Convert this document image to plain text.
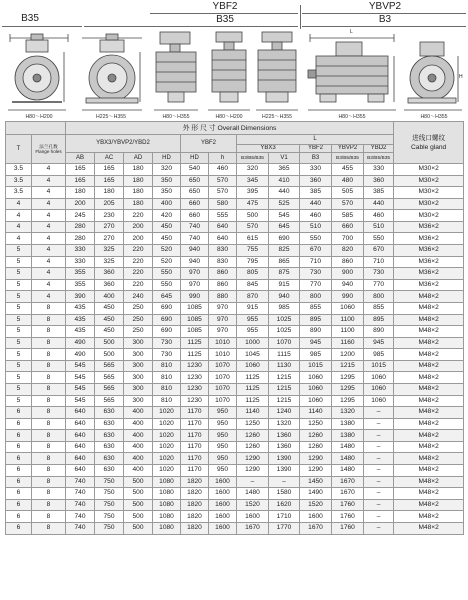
B35
YBF2
B35
YBVP2
B3
H80～H200	H225～H355	H80～H355	H80～H200	H225～H355
L
H80～H355
H
H80～H355
		外 形 尺 寸 Overall Dimensions											进线口螺纹
Cable gland
T	法兰孔数
Flange holes	YBX3/YBVP2/YBD2				YBF2		L					
								YBX3		YBF2	YBVP2	YBD2	
		AB	AC	AD	HD	HD	h	B3/B5/B35	V1	B3	B3/B5/B35	B3/B5/B35	
3.5	4	165	165	180	320	540	460	320	365	330	455	330	M30×2
3.5	4	165	165	180	350	650	570	345	410	360	480	360	M30×2
3.5	4	180	180	180	350	650	570	395	440	385	505	385	M30×2
4	4	200	205	180	400	660	580	475	525	440	570	440	M30×2
4	4	245	230	220	420	660	555	500	545	460	585	460	M30×2
4	4	280	270	200	450	740	640	570	645	510	660	510	M36×2
4	4	280	270	200	450	740	640	615	690	550	700	550	M36×2
5	4	330	325	220	520	940	830	755	825	670	820	670	M36×2
5	4	330	325	220	520	940	830	795	865	710	860	710	M36×2
5	4	355	360	220	550	970	860	805	875	730	900	730	M36×2
5	4	355	360	220	550	970	860	845	915	770	940	770	M36×2
5	4	390	400	240	645	990	880	870	940	800	990	800	M48×2
5	8	435	450	250	690	1085	970	915	985	855	1060	855	M48×2
5	8	435	450	250	690	1085	970	955	1025	895	1100	895	M48×2
5	8	435	450	250	690	1085	970	955	1025	890	1100	890	M48×2
5	8	490	500	300	730	1125	1010	1000	1070	945	1160	945	M48×2
5	8	490	500	300	730	1125	1010	1045	1115	985	1200	985	M48×2
5	8	545	565	300	810	1230	1070	1060	1130	1015	1215	1015	M48×2
5	8	545	565	300	810	1230	1070	1125	1215	1060	1295	1060	M48×2
5	8	545	565	300	810	1230	1070	1125	1215	1060	1295	1060	M48×2
5	8	545	565	300	810	1230	1070	1125	1215	1060	1295	1060	M48×2
6	8	640	630	400	1020	1170	950	1140	1240	1140	1320	–	M48×2
6	8	640	630	400	1020	1170	950	1250	1320	1250	1380	–	M48×2
6	8	640	630	400	1020	1170	950	1260	1360	1260	1380	–	M48×2
6	8	640	630	400	1020	1170	950	1260	1360	1260	1480	–	M48×2
6	8	640	630	400	1020	1170	950	1290	1390	1290	1480	–	M48×2
6	8	640	630	400	1020	1170	950	1290	1390	1290	1480	–	M48×2
6	8	740	750	500	1080	1820	1600	–	–	1450	1670	–	M48×2
6	8	740	750	500	1080	1820	1600	1480	1580	1490	1670	–	M48×2
6	8	740	750	500	1080	1820	1600	1520	1620	1520	1760	–	M48×2
6	8	740	750	500	1080	1820	1600	1600	1710	1600	1760	–	M48×2
6	8	740	750	500	1080	1820	1600	1670	1770	1670	1760	–	M48×2
